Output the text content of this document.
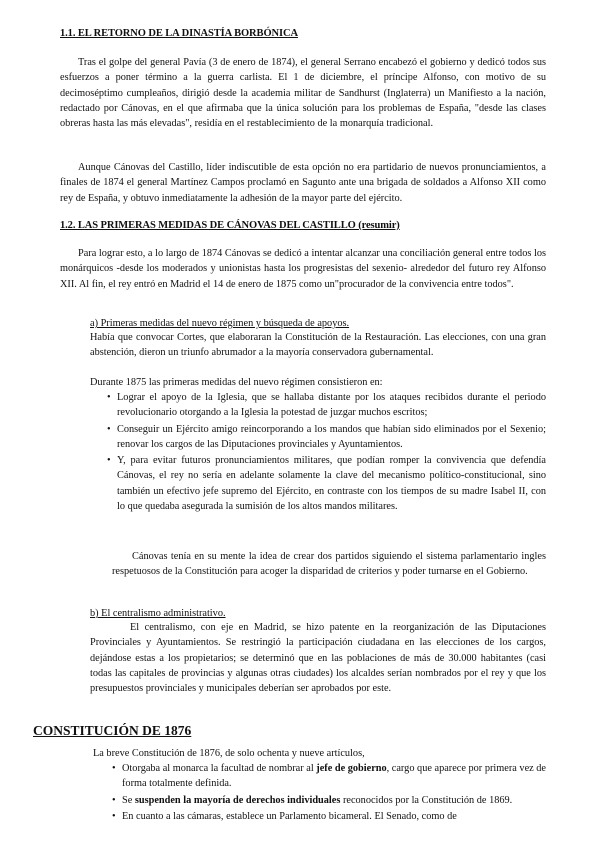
1.1. EL RETORNO DE LA DINASTÍA BORBÓNICA

Tras el golpe del general Pavía (3 de enero de 1874), el general Serrano encabezó el gobierno y dedicó todos sus esfuerzos a poner término a la guerra carlista. El 1 de diciembre, el príncipe Alfonso, con motivo de su decimoséptimo cumpleaños, dirigió desde la academia militar de Sandhurst (Inglaterra) un Manifiesto a la nación, redactado por Cánovas, en el que afirmaba que la única solución para los problemas de España, "desde las clases obreras hasta las más elevadas", residía en el restablecimiento de la monarquía tradicional.

Aunque Cánovas del Castillo, líder indiscutible de esta opción no era partidario de nuevos pronunciamientos, a finales de 1874 el general Martínez Campos proclamó en Sagunto ante una brigada de soldados a Alfonso XII como rey de España, y obtuvo inmediatamente la adhesión de la mayor parte del ejército.

1.2. LAS PRIMERAS MEDIDAS DE CÁNOVAS DEL CASTILLO (resumir)

Para lograr esto, a lo largo de 1874 Cánovas se dedicó a intentar alcanzar una conciliación general entre todos los monárquicos -desde los moderados y unionistas hasta los progresistas del sexenio- alrededor del futuro rey Alfonso XII. Al fin, el rey entró en Madrid el 14 de enero de 1875 como un"procurador de la convivencia entre todos".

a) Primeras medidas del nuevo régimen y búsqueda de apoyos.

Había que convocar Cortes, que elaboraran la Constitución de la Restauración. Las elecciones, con una gran abstención, dieron un triunfo abrumador a la mayoría conservadora gubernamental.

Durante 1875 las primeras medidas del nuevo régimen consistieron en:

• Lograr el apoyo de la Iglesia, que se hallaba distante por los ataques recibidos durante el periodo revolucionario otorgando a la Iglesia la potestad de juzgar muchos escritos;
• Conseguir un Ejército amigo reincorporando a los mandos que habían sido eliminados por el Sexenio; renovar los cargos de las Diputaciones provinciales y Ayuntamientos.
• Y, para evitar futuros pronunciamientos militares, que podían romper la convivencia que defendía Cánovas, el rey no sería en adelante solamente la clave del mecanismo político-constitucional, sino también un efectivo jefe supremo del Ejército, en contraste con los tiempos de su madre Isabel II, con lo que quedaba asegurada la sumisión de los altos mandos militares.

Cánovas tenía en su mente la idea de crear dos partidos siguiendo el sistema parlamentario ingles respetuosos de la Constitución para acoger la disparidad de criterios y poder turnarse en el Gobierno.

b) El centralismo administrativo.

El centralismo, con eje en Madrid, se hizo patente en la reorganización de las Diputaciones Provinciales y Ayuntamientos. Se restringió la participación ciudadana en las elecciones de los cargos, dejándose estas a los propietarios; se determinó que en las poblaciones de más de 30.000 habitantes (casi todas las capitales de provincias y algunas otras ciudades) los alcaldes serían nombrados por el rey y que los presupuestos provinciales y municipales deberían ser aprobados por este.

CONSTITUCIÓN DE 1876

La breve Constitución de 1876, de solo ochenta y nueve artículos,

• Otorgaba al monarca la facultad de nombrar al jefe de gobierno, cargo que aparece por primera vez de forma totalmente definida.
• Se suspenden la mayoría de derechos individuales reconocidos por la Constitución de 1869.
• En cuanto a las cámaras, establece un Parlamento bicameral. El Senado, como de
